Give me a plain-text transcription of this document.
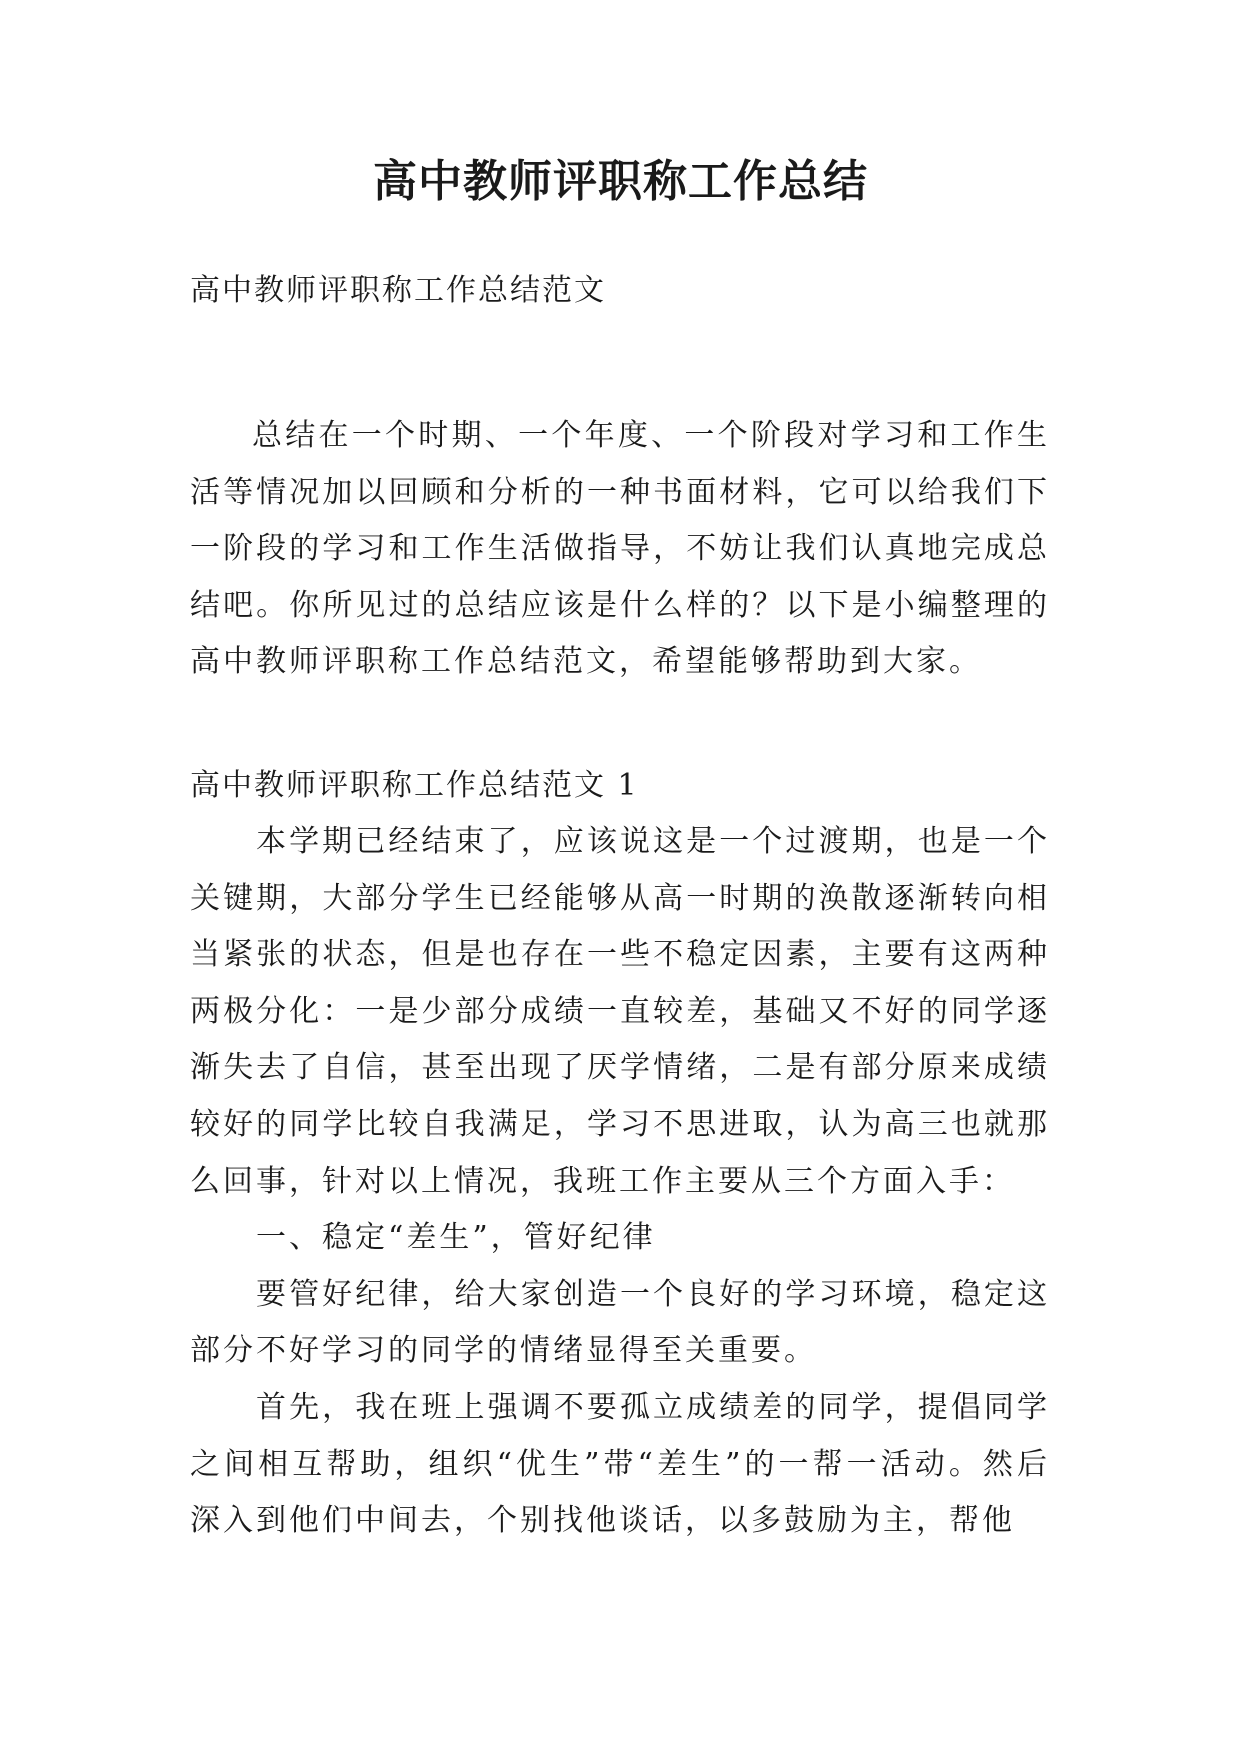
高中教师评职称工作总结

高中教师评职称工作总结范文

总结在一个时期、一个年度、一个阶段对学习和工作生活等情况加以回顾和分析的一种书面材料，它可以给我们下一阶段的学习和工作生活做指导，不妨让我们认真地完成总结吧。你所见过的总结应该是什么样的？以下是小编整理的高中教师评职称工作总结范文，希望能够帮助到大家。

高中教师评职称工作总结范文 1

本学期已经结束了，应该说这是一个过渡期，也是一个关键期，大部分学生已经能够从高一时期的涣散逐渐转向相当紧张的状态，但是也存在一些不稳定因素，主要有这两种两极分化：一是少部分成绩一直较差，基础又不好的同学逐渐失去了自信，甚至出现了厌学情绪，二是有部分原来成绩较好的同学比较自我满足，学习不思进取，认为高三也就那么回事，针对以上情况，我班工作主要从三个方面入手：

一、稳定“差生”，管好纪律

要管好纪律，给大家创造一个良好的学习环境，稳定这部分不好学习的同学的情绪显得至关重要。

首先，我在班上强调不要孤立成绩差的同学，提倡同学之间相互帮助，组织“优生”带“差生”的一帮一活动。然后深入到他们中间去，个别找他谈话，以多鼓励为主，帮他
